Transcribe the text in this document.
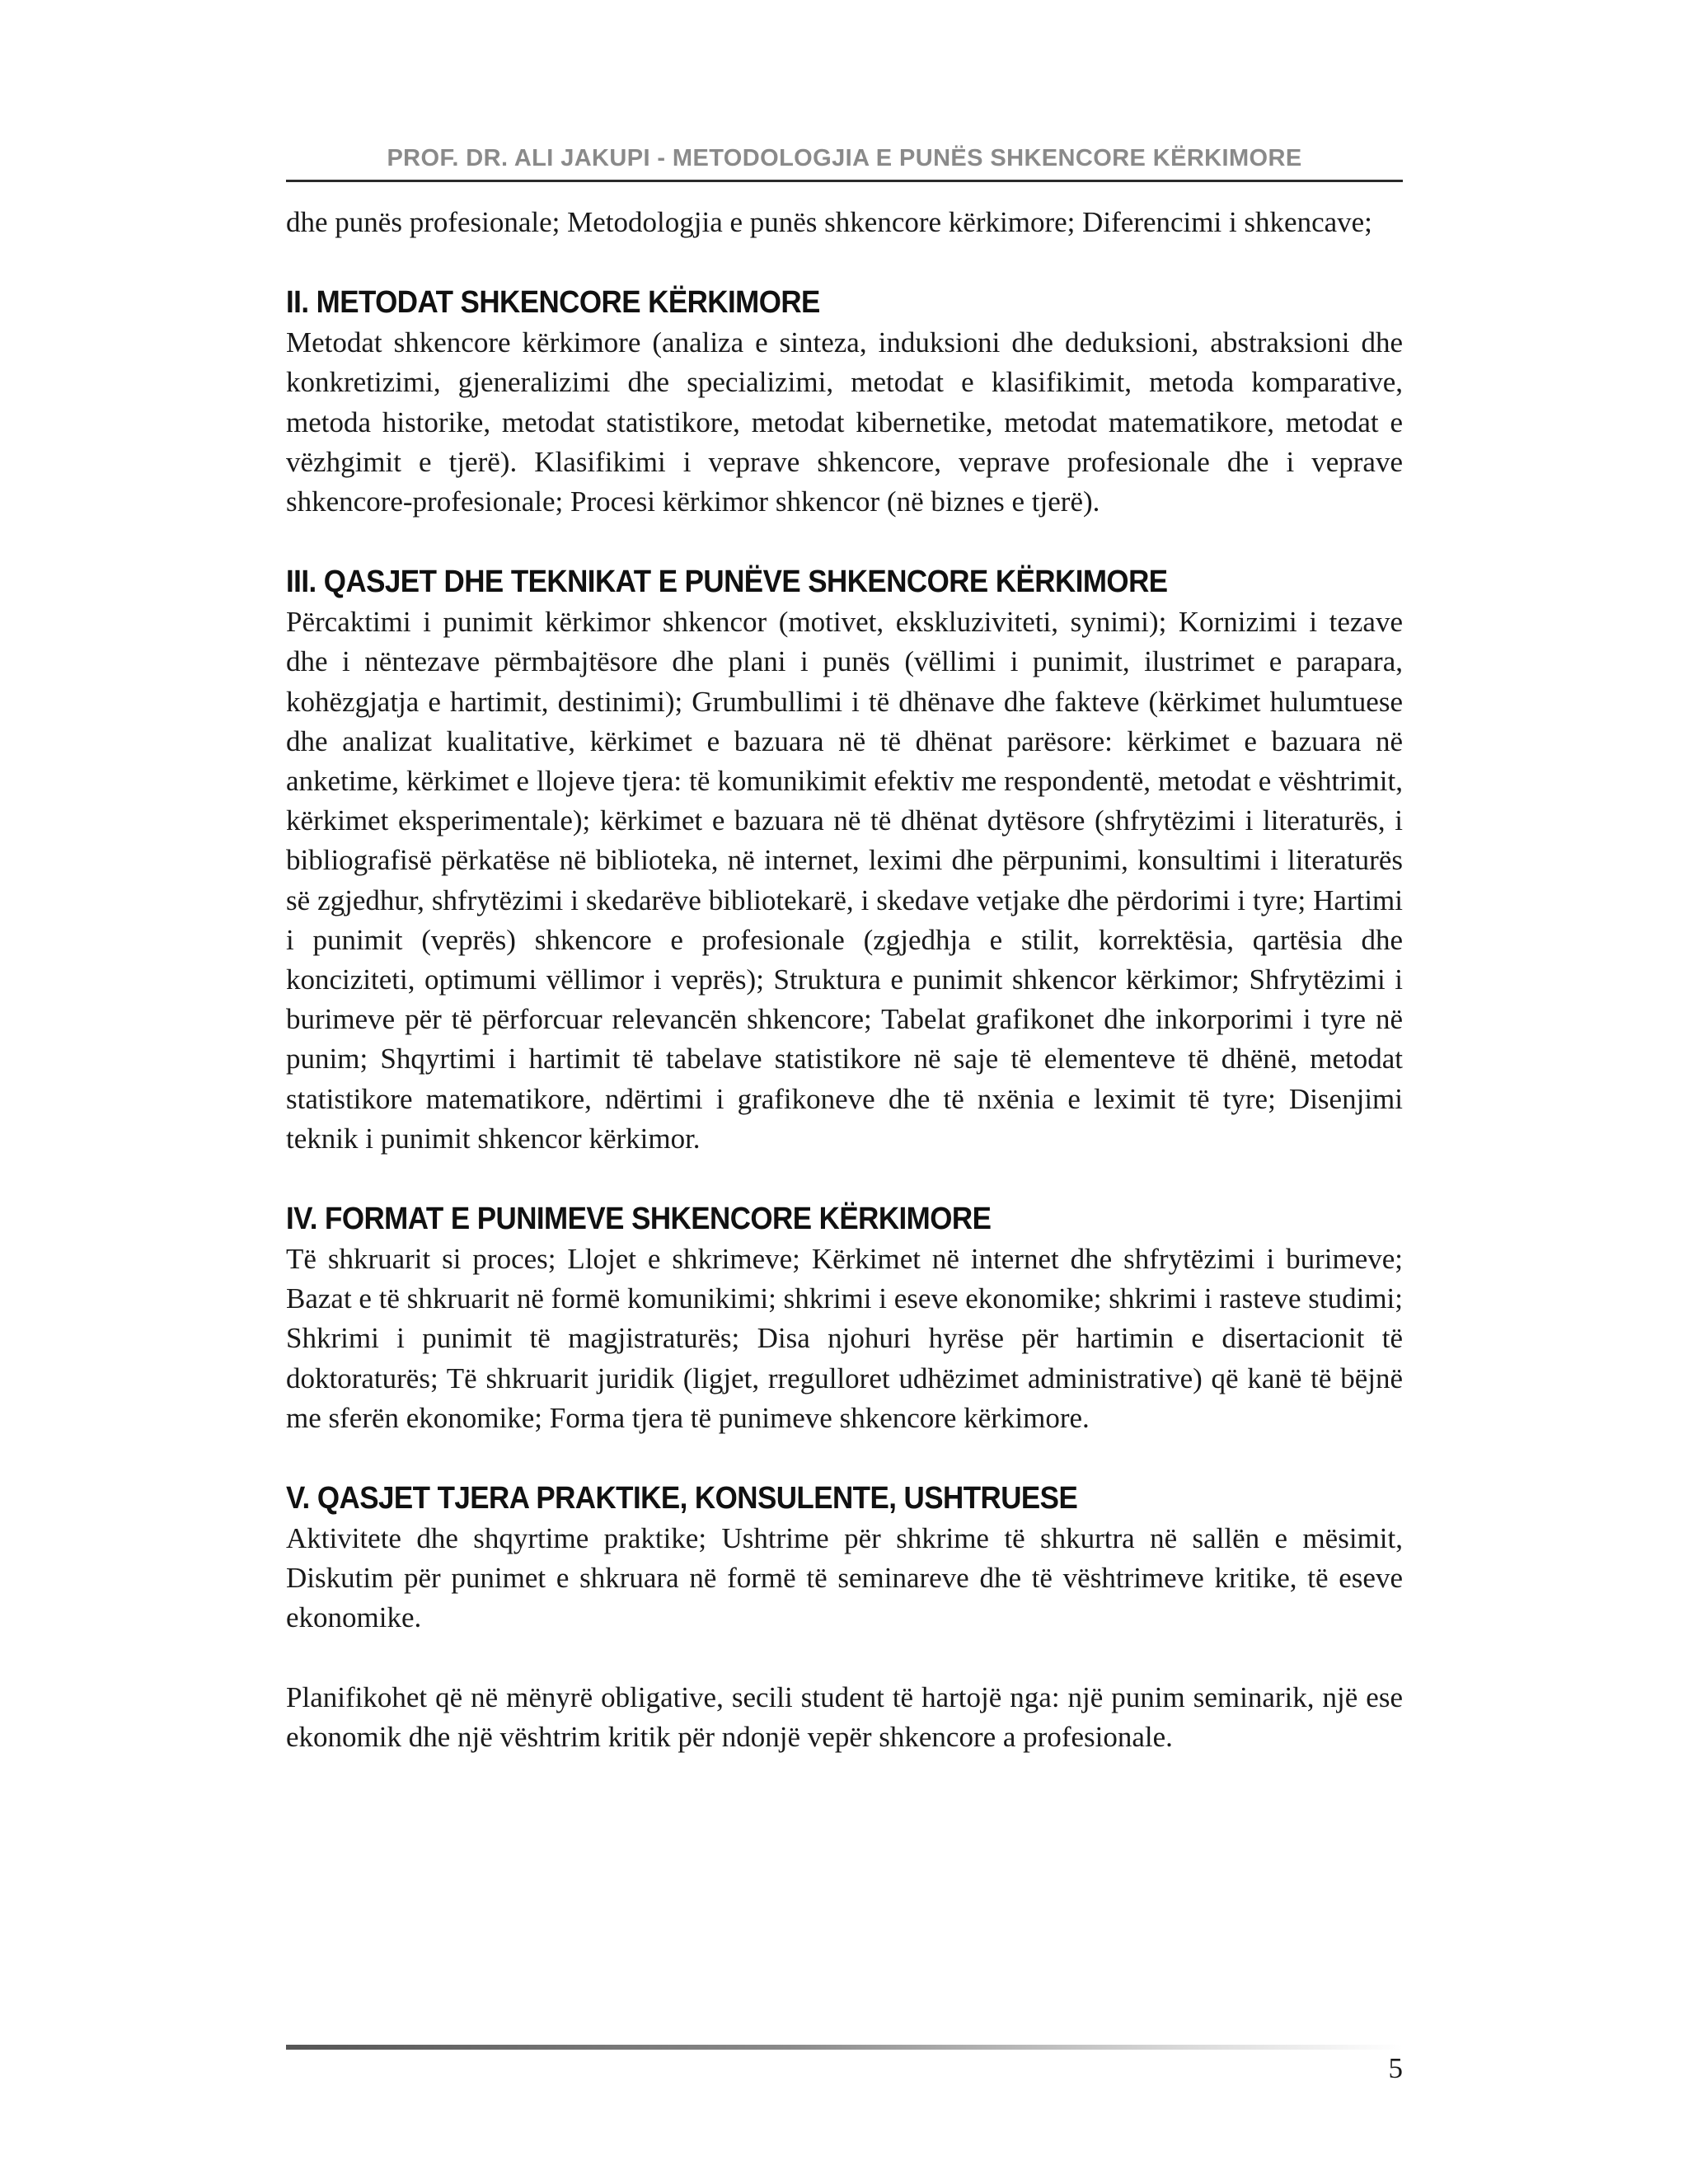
PROF. DR. ALI JAKUPI - METODOLOGJIA E PUNËS SHKENCORE KËRKIMORE

dhe punës profesionale; Metodologjia e punës shkencore kërkimore; Diferencimi i shkencave;

II. METODAT SHKENCORE KËRKIMORE

Metodat shkencore kërkimore (analiza e sinteza, induksioni dhe deduksioni, abstraksioni dhe konkretizimi, gjeneralizimi dhe specializimi, metodat e klasifikimit, metoda komparative, metoda historike, metodat statistikore, metodat kibernetike, metodat matematikore, metodat e vëzhgimit e tjerë). Klasifikimi i veprave shkencore, veprave profesionale dhe i veprave shkencore-profesionale; Procesi kërkimor shkencor (në biznes e tjerë).

III. QASJET DHE TEKNIKAT E PUNËVE SHKENCORE KËRKIMORE

Përcaktimi i punimit kërkimor shkencor (motivet, ekskluziviteti, synimi); Kornizimi i tezave dhe i nëntezave përmbajtësore dhe plani i punës (vëllimi i punimit, ilustrimet e parapara, kohëzgjatja e hartimit, destinimi); Grumbullimi i të dhënave dhe fakteve (kërkimet hulumtuese dhe analizat kualitative, kërkimet e bazuara në të dhënat parësore: kërkimet e bazuara në anketime, kërkimet e llojeve tjera: të komunikimit efektiv me respondentë, metodat e vështrimit, kërkimet eksperimentale); kërkimet e bazuara në të dhënat dytësore (shfrytëzimi i literaturës, i bibliografisë përkatëse në biblioteka, në internet, leximi dhe përpunimi, konsultimi i literaturës së zgjedhur, shfrytëzimi i skedarëve bibliotekarë, i skedave vetjake dhe përdorimi i tyre; Hartimi i punimit (veprës) shkencore e profesionale (zgjedhja e stilit, korrektësia, qartësia dhe konciziteti, optimumi vëllimor i veprës); Struktura e punimit shkencor kërkimor; Shfrytëzimi i burimeve për të përforcuar relevancën shkencore; Tabelat grafikonet dhe inkorporimi i tyre në punim; Shqyrtimi i hartimit të tabelave statistikore në saje të elementeve të dhënë, metodat statistikore matematikore, ndërtimi i grafikoneve dhe të nxënia e leximit të tyre; Disenjimi teknik i punimit shkencor kërkimor.

IV. FORMAT E PUNIMEVE SHKENCORE KËRKIMORE

Të shkruarit si proces; Llojet e shkrimeve; Kërkimet në internet dhe shfrytëzimi i burimeve; Bazat e të shkruarit në formë komunikimi; shkrimi i eseve ekonomike; shkrimi i rasteve studimi; Shkrimi i punimit të magjistraturës; Disa njohuri hyrëse për hartimin e disertacionit të doktoraturës; Të shkruarit juridik (ligjet, rregulloret udhëzimet administrative) që kanë të bëjnë me sferën ekonomike; Forma tjera të punimeve shkencore kërkimore.

V. QASJET TJERA PRAKTIKE, KONSULENTE, USHTRUESE

Aktivitete dhe shqyrtime praktike; Ushtrime për shkrime të shkurtra në sallën e mësimit, Diskutim për punimet e shkruara në formë të seminareve dhe të vështrimeve kritike, të eseve ekonomike.

Planifikohet që në mënyrë obligative, secili student të hartojë nga: një punim seminarik, një ese ekonomik dhe një vështrim kritik për ndonjë vepër shkencore a profesionale.

5
